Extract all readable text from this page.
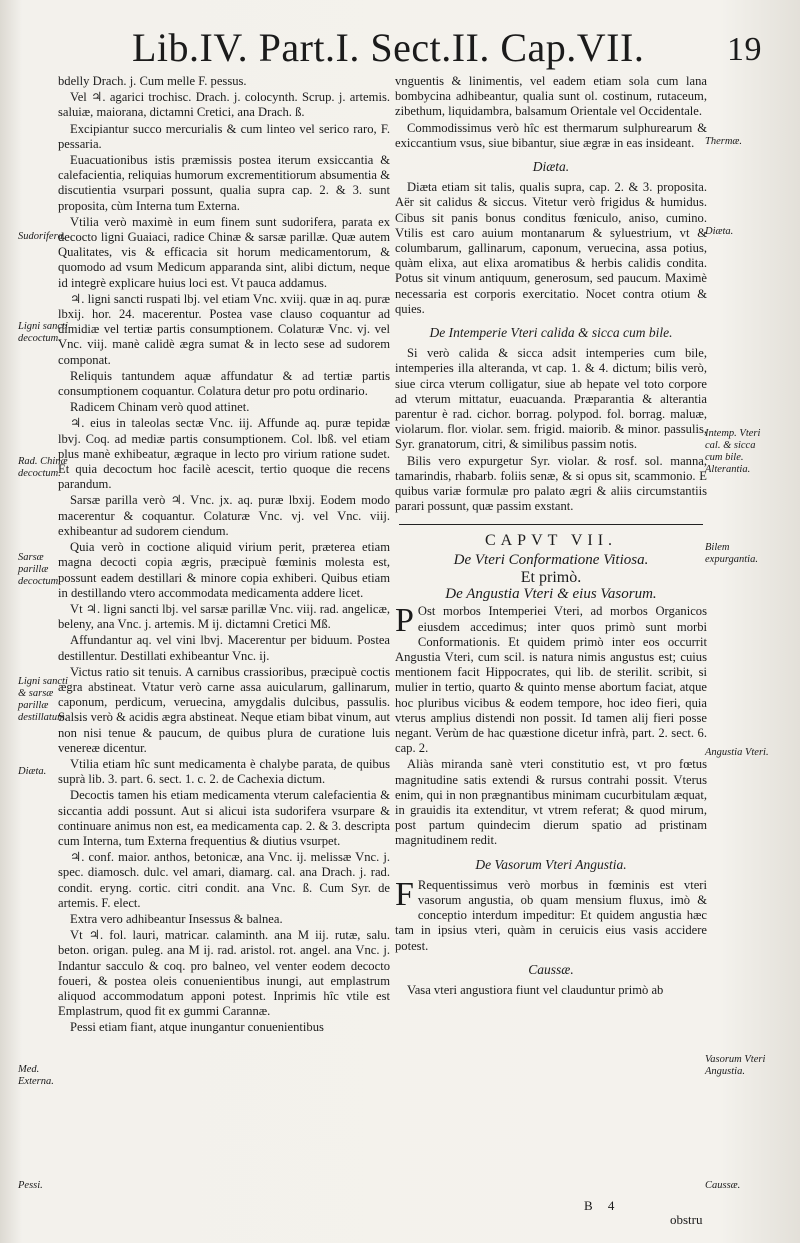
Lib.IV. Part.I. Sect.II. Cap.VII. 19
Sudorifera.
Ligni sancti decoctum.
Rad. Chinæ decoctum.
Sarsæ parillæ decoctum.
Ligni sancti & sarsæ parillæ destillatum.
Diæta.
Med. Externa.
Pessi.
Thermæ.
Diæta.
Intemp. Vteri cal. & sicca cum bile. Alterantia.
Bilem expurgantia.
Angustia Vteri.
Vasorum Vteri Angustia.
Caussæ.

bdelly Drach. j. Cum melle F. pessus.

Vel ♃. agarici trochisc. Drach. j. colocynth. Scrup. j. artemis. saluiæ, maiorana, dictamni Cretici, ana Drach. ß.

Excipiantur succo mercurialis & cum linteo vel serico raro, F. pessaria.

Euacuationibus istis præmissis postea iterum exsiccantia & calefacientia, reliquias humorum excrementitiorum absumentia & discutientia vsurpari possunt, qualia supra cap. 2. & 3. sunt proposita, cùm Interna tum Externa.

Vtilia verò maximè in eum finem sunt sudorifera, parata ex decocto ligni Guaiaci, radice Chinæ & sarsæ parillæ. Quæ autem Qualitates, vis & efficacia sit horum medicamentorum, & quomodo ad vsum Medicum apparanda sint, alibi dictum, neque id integrè explicare huius loci est. Vt pauca addamus.

♃. ligni sancti ruspati lbj. vel etiam Vnc. xviij. quæ in aq. puræ lbxij. hor. 24. macerentur. Postea vase clauso coquantur ad dimidiæ vel tertiæ partis consumptionem. Colaturæ Vnc. vj. vel Vnc. viij. manè calidè ægra sumat & in lecto sese ad sudorem componat.

Reliquis tantundem aquæ affundatur & ad tertiæ partis consumptionem coquantur. Colatura detur pro potu ordinario.

Radicem Chinam verò quod attinet.

♃. eius in taleolas sectæ Vnc. iij. Affunde aq. puræ tepidæ lbvj. Coq. ad mediæ partis consumptionem. Col. lbß. vel etiam plus manè exhibeatur, ægraque in lecto pro virium ratione sudet. Et quia decoctum hoc facilè acescit, tertio quoque die recens parandum.

Sarsæ parilla verò ♃. Vnc. jx. aq. puræ lbxij. Eodem modo macerentur & coquantur. Colaturæ Vnc. vj. vel Vnc. viij. exhibeantur ad sudorem ciendum.

Quia verò in coctione aliquid virium perit, præterea etiam magna decocti copia ægris, præcipuè fœminis molesta est, possunt eadem destillari & minore copia exhiberi. Quibus etiam in destillando vtero accommodata medicamenta addere licet.

Vt ♃. ligni sancti lbj. vel sarsæ parillæ Vnc. viij. rad. angelicæ, beleny, ana Vnc. j. artemis. M ij. dictamni Cretici Mß.

Affundantur aq. vel vini lbvj. Macerentur per biduum. Postea destillentur. Destillati exhibeantur Vnc. ij.

Victus ratio sit tenuis. A carnibus crassioribus, præcipuè coctis ægra abstineat. Vtatur verò carne assa auicularum, gallinarum, caponum, perdicum, veruecina, amygdalis dulcibus, passulis. Salsis verò & acidis ægra abstineat. Neque etiam bibat vinum, aut non nisi tenue & paucum, de quibus plura de curatione luis venereæ dicentur.

Vtilia etiam hîc sunt medicamenta è chalybe parata, de quibus suprà lib. 3. part. 6. sect. 1. c. 2. de Cachexia dictum.

Decoctis tamen his etiam medicamenta vterum calefacientia & siccantia addi possunt. Aut si alicui ista sudorifera vsurpare & continuare animus non est, ea medicamenta cap. 2. & 3. descripta cum Interna, tum Externa frequentius & diutius vsurpet.

♃. conf. maior. anthos, betonicæ, ana Vnc. ij. melissæ Vnc. j. spec. diamosch. dulc. vel amari, diamarg. cal. ana Drach. j. rad. condit. eryng. cortic. citri condit. ana Vnc. ß. Cum Syr. de artemis. F. elect.

Extra vero adhibeantur Insessus & balnea.

Vt ♃. fol. lauri, matricar. calaminth. ana M iij. rutæ, salu. beton. origan. puleg. ana M ij. rad. aristol. rot. angel. ana Vnc. j. Indantur sacculo & coq. pro balneo, vel venter eodem decocto foueri, & postea oleis conuenientibus inungi, aut emplastrum aliquod accommodatum apponi potest. Inprimis hîc vtile est Emplastrum, quod fit ex gummi Carannæ.

Pessi etiam fiant, atque inungantur conuenientibus

vnguentis & linimentis, vel eadem etiam sola cum lana bombycina adhibeantur, qualia sunt ol. costinum, rutaceum, zibethum, liquidambra, balsamum Orientale vel Occidentale.

Commodissimus verò hîc est thermarum sulphurearum & exiccantium vsus, siue bibantur, siue ægræ in eas insideant.

Diæta.

Diæta etiam sit talis, qualis supra, cap. 2. & 3. proposita. Aër sit calidus & siccus. Vitetur verò frigidus & humidus. Cibus sit panis bonus conditus fœniculo, aniso, cumino. Vtilis est caro auium montanarum & syluestrium, vt & columbarum, gallinarum, caponum, veruecina, assa potius, quàm elixa, aut elixa aromatibus & herbis calidis condita. Potus sit vinum antiquum, generosum, sed paucum. Maximè necessaria est corporis exercitatio. Nocet contra otium & quies.

De Intemperie Vteri calida & sicca cum bile.

Si verò calida & sicca adsit intemperies cum bile, intemperies illa alteranda, vt cap. 1. & 4. dictum; bilis verò, siue circa vterum colligatur, siue ab hepate vel toto corpore ad vterum mittatur, euacuanda. Præparantia & alterantia parentur è rad. cichor. borrag. polypod. fol. borrag. maluæ, violarum. flor. violar. sem. frigid. maiorib. & minor. passulis, Syr. granatorum, citri, & similibus passim notis.

Bilis vero expurgetur Syr. violar. & rosf. sol. manna, tamarindis, rhabarb. foliis senæ, & si opus sit, scammonio. E quibus variæ formulæ pro palato ægri & aliis circumstantiis parari possunt, quæ passim exstant.

CAPVT VII.
De Vteri Conformatione Vitiosa.
Et primò.
De Angustia Vteri & eius Vasorum.

P Ost morbos Intemperiei Vteri, ad morbos Organicos eiusdem accedimus; inter quos primò sunt morbi Conformationis. Et quidem primò inter eos occurrit Angustia Vteri, cum scil. is natura nimis angustus est; cuius mentionem facit Hippocrates, qui lib. de sterilit. scribit, si mulier in tertio, quarto & quinto mense abortum faciat, atque hoc pluribus vicibus & eodem tempore, hoc ideo fieri, quia vterus amplius distendi non possit. Id tamen alij fieri posse negant. Verùm de hac quæstione dicetur infrà, part. 2. sect. 6. cap. 2.

Aliàs miranda sanè vteri constitutio est, vt pro fœtus magnitudine satis extendi & rursus contrahi possit. Vterus enim, qui in non prægnantibus minimam cucurbitulam æquat, in grauidis ita extenditur, vt vtrem referat; & quod mirum, post partum quindecim dierum spatio ad pristinam magnitudinem redit.

De Vasorum Vteri Angustia.

F Requentissimus verò morbus in fœminis est vteri vasorum angustia, ob quam mensium fluxus, imò & conceptio interdum impeditur: Et quidem angustia hæc tam in ipsius vteri, quàm in ceruicis eius vasis accidere potest.

Caussæ.

Vasa vteri angustiora fiunt vel clauduntur primò ab

B 4
obstru
